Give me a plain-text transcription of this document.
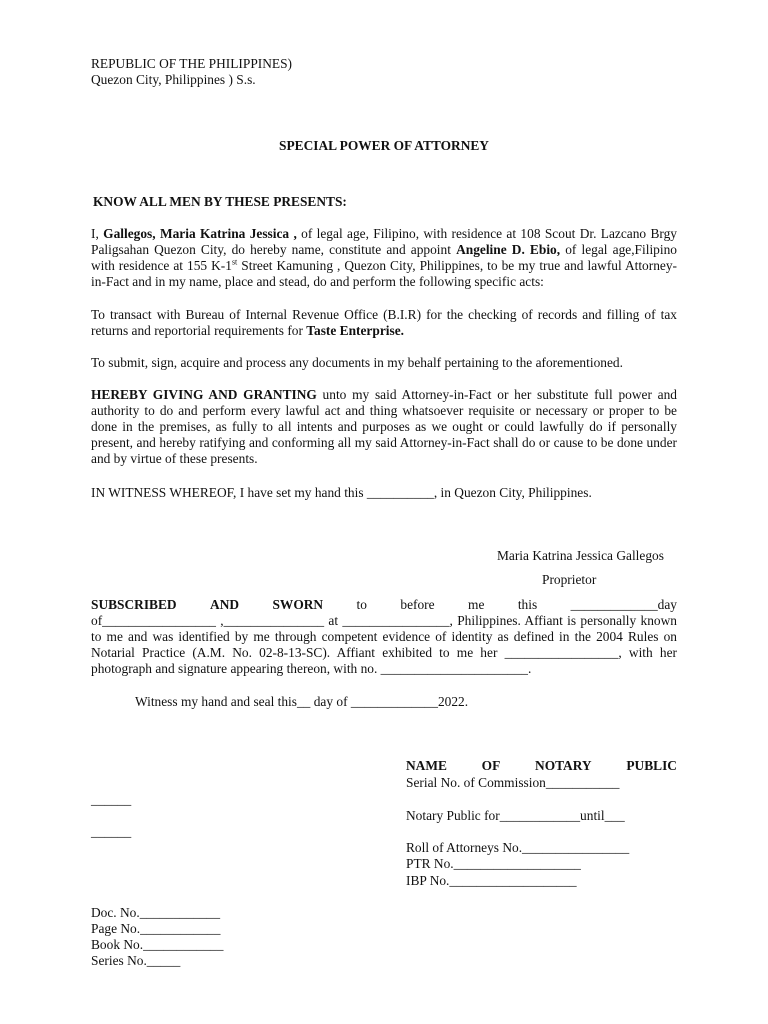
REPUBLIC OF THE PHILIPPINES)
Quezon City, Philippines ) S.s.
SPECIAL POWER OF ATTORNEY
KNOW ALL MEN BY THESE PRESENTS:
I, Gallegos, Maria Katrina Jessica , of legal age, Filipino, with residence at 108 Scout Dr. Lazcano Brgy Paligsahan Quezon City, do hereby name, constitute and appoint Angeline D. Ebio, of legal age,Filipino with residence at 155 K-1st Street Kamuning , Quezon City, Philippines, to be my true and lawful Attorney-in-Fact and in my name, place and stead, do and perform the following specific acts:
To transact with Bureau of Internal Revenue Office (B.I.R) for the checking of records and filling of tax returns and reportorial requirements for Taste Enterprise.
To submit, sign, acquire and process any documents in my behalf pertaining to the aforementioned.
HEREBY GIVING AND GRANTING unto my said Attorney-in-Fact or her substitute full power and authority to do and perform every lawful act and thing whatsoever requisite or necessary or proper to be done in the premises, as fully to all intents and purposes as we ought or could lawfully do if personally present, and hereby ratifying and conforming all my said Attorney-in-Fact shall do or cause to be done under and by virtue of these presents.
IN WITNESS WHEREOF, I have set my hand this __________, in Quezon City, Philippines.
Maria Katrina Jessica Gallegos
Proprietor
SUBSCRIBED AND SWORN to before me this _____________day
of_________________ ,_______________ at ________________, Philippines. Affiant is personally known to me and was identified by me through competent evidence of identity as defined in the 2004 Rules on Notarial Practice (A.M. No. 02-8-13-SC). Affiant exhibited to me her _________________, with her photograph and signature appearing thereon, with no. ______________________.
Witness my hand and seal this__ day of _____________2022.
NAME	OF	NOTARY	PUBLIC
Serial No. of Commission___________
Notary Public for____________until___
Roll of Attorneys No.________________
PTR No.___________________
IBP No.___________________
______
______
Doc. No.____________
Page No.____________
Book No.____________
Series No._____
